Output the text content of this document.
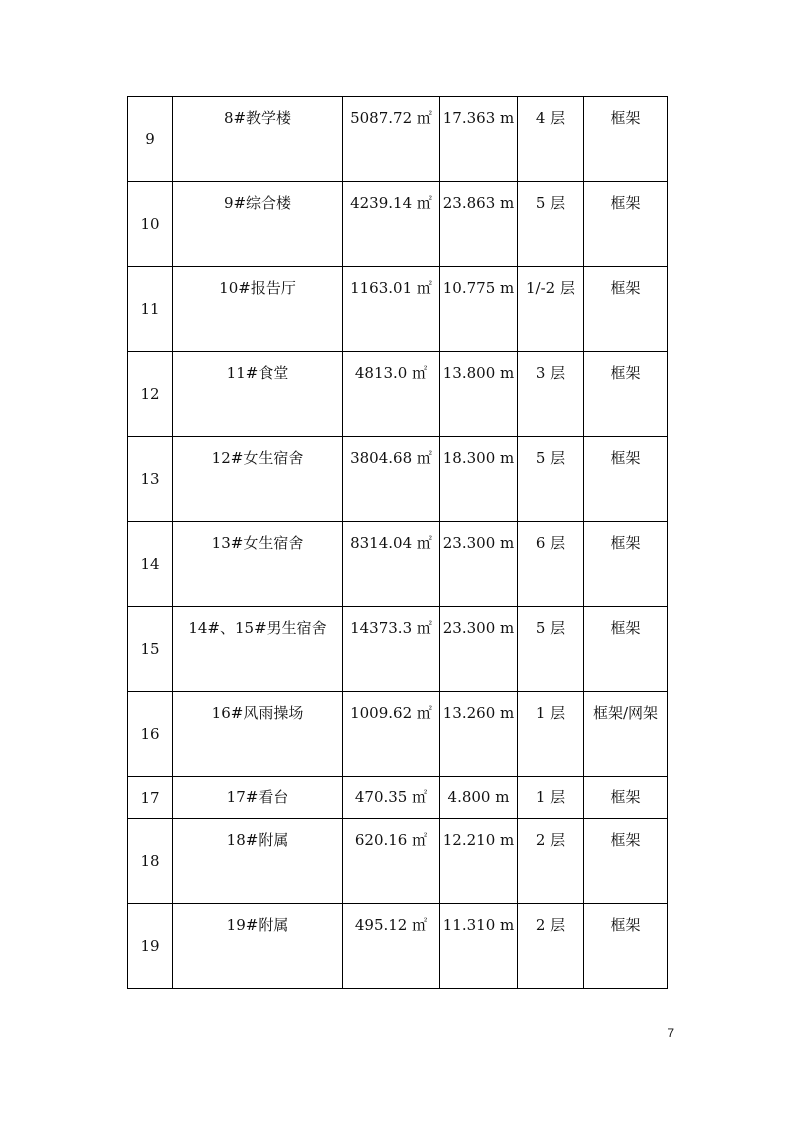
9	8#教学楼	5087.72 ㎡	17.363 m	4 层	框架
10	9#综合楼	4239.14 ㎡	23.863 m	5 层	框架
11	10#报告厅	1163.01 ㎡	10.775 m	1/-2 层	框架
12	11#食堂	4813.0 ㎡	13.800 m	3 层	框架
13	12#女生宿舍	3804.68 ㎡	18.300 m	5 层	框架
14	13#女生宿舍	8314.04 ㎡	23.300 m	6 层	框架
15	14#、15#男生宿舍	14373.3 ㎡	23.300 m	5 层	框架
16	16#风雨操场	1009.62 ㎡	13.260 m	1 层	框架/网架
17	17#看台	470.35 ㎡	4.800 m	1 层	框架
18	18#附属	620.16 ㎡	12.210 m	2 层	框架
19	19#附属	495.12 ㎡	11.310 m	2 层	框架
7
